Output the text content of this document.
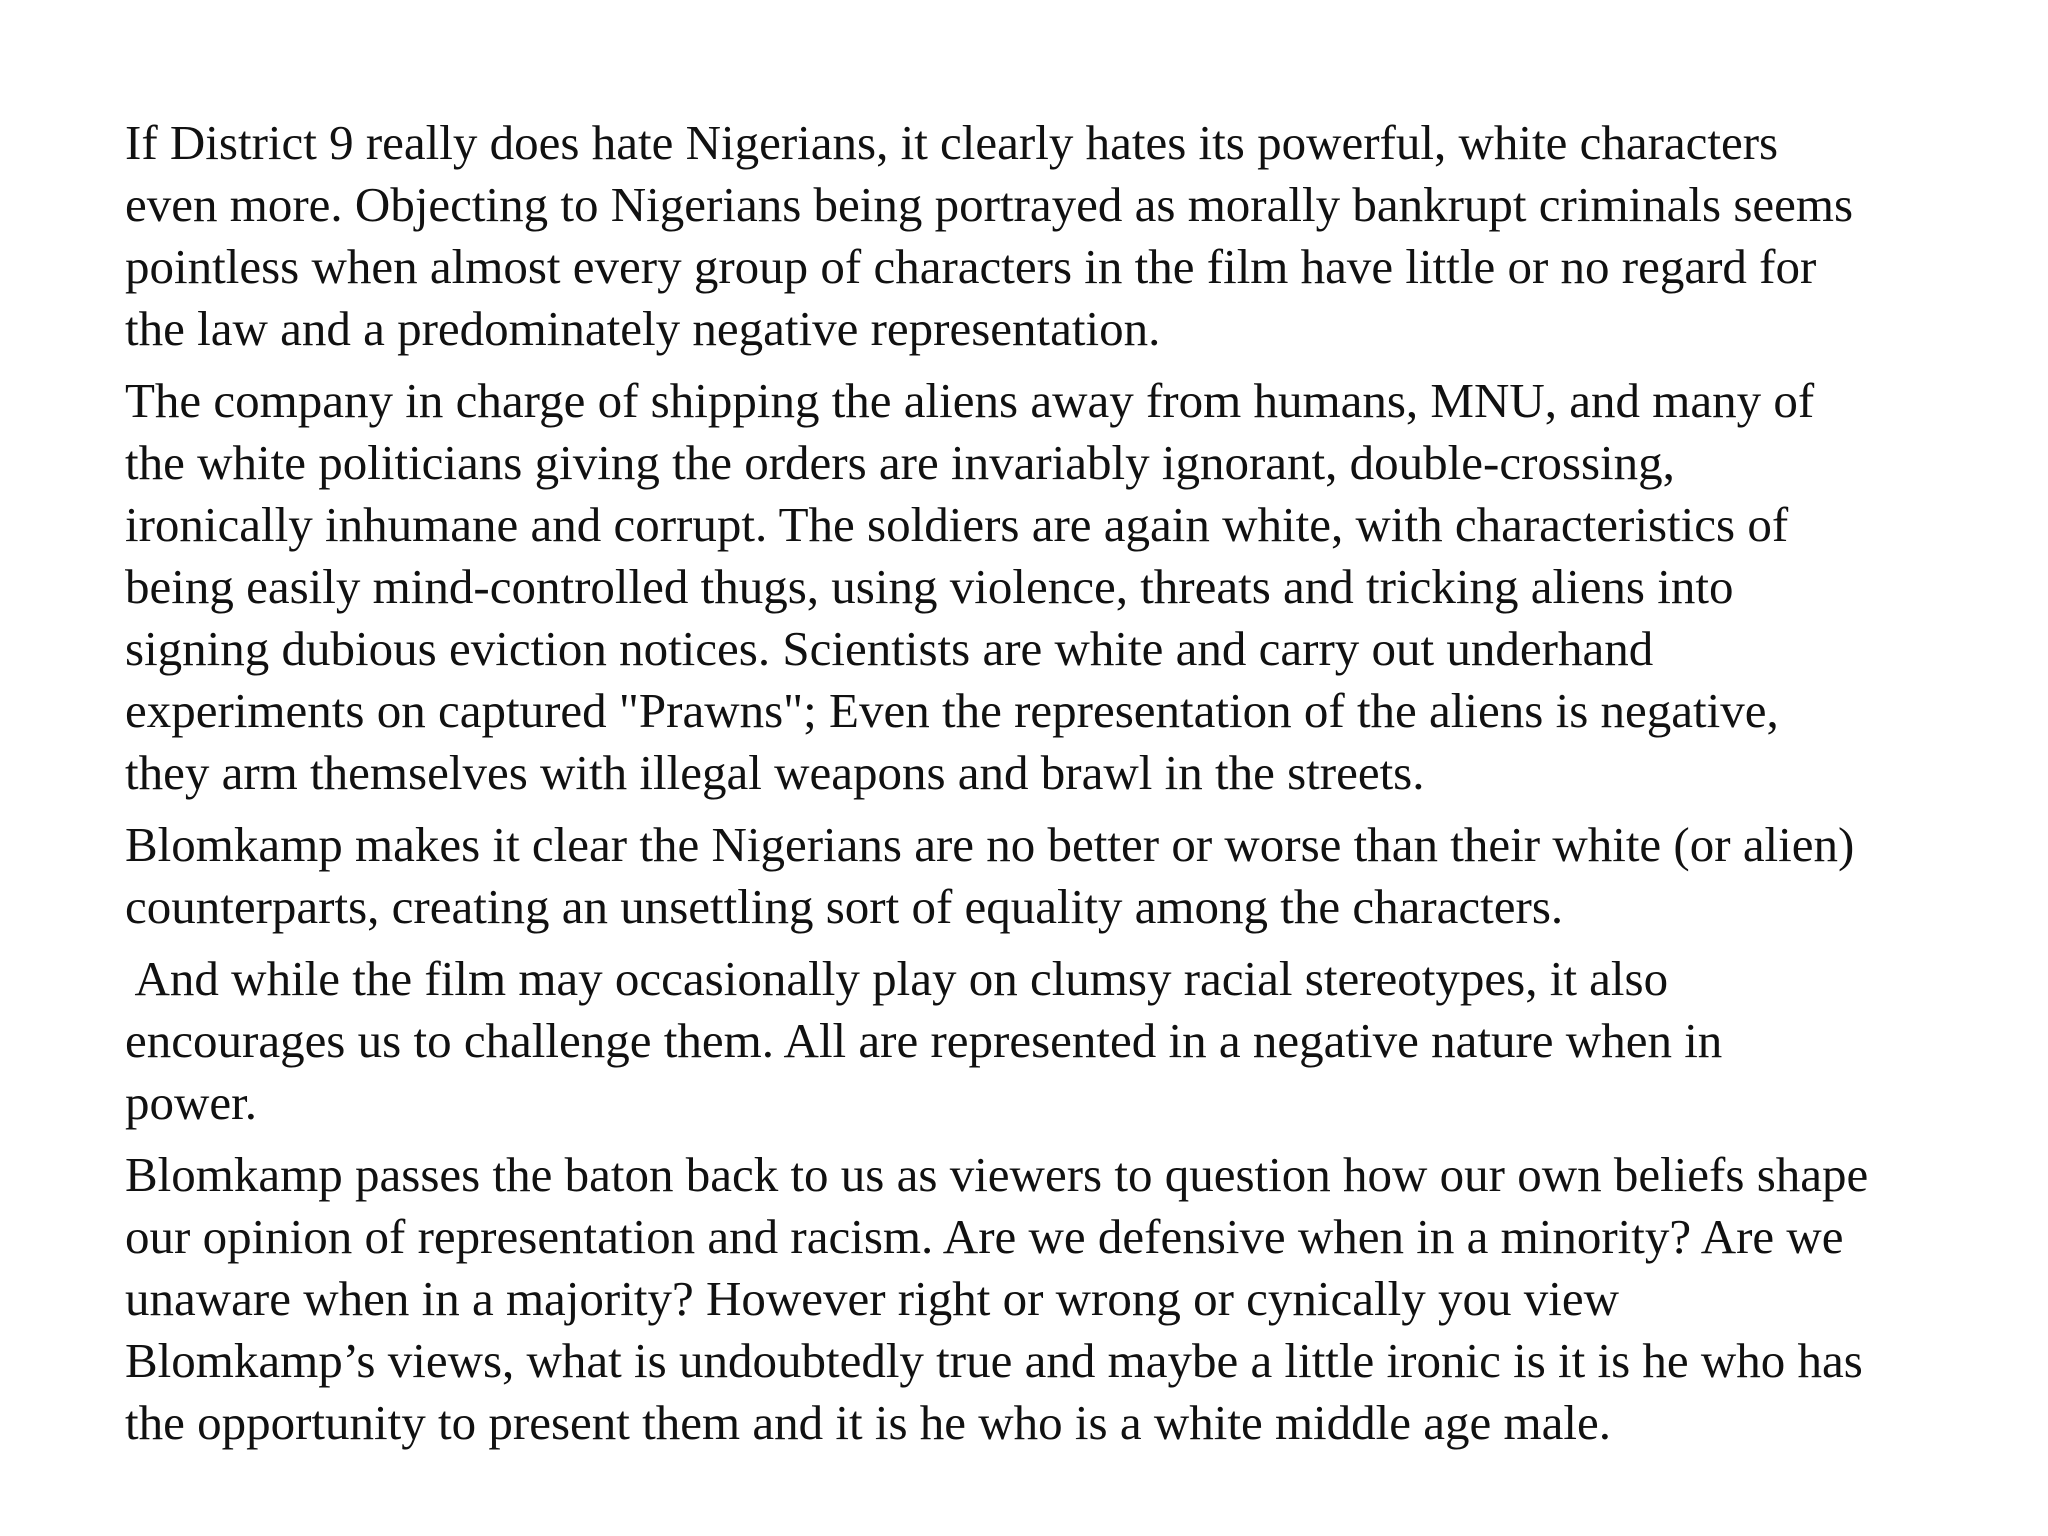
If District 9 really does hate Nigerians, it clearly hates its powerful, white characters
even more. Objecting to Nigerians being portrayed as morally bankrupt criminals seems
pointless when almost every group of characters in the film have little or no regard for
the law and a predominately negative representation.

The company in charge of shipping the aliens away from humans, MNU, and many of
the white politicians giving the orders are invariably ignorant, double-crossing,
ironically inhumane and corrupt. The soldiers are again white, with characteristics of
being easily mind-controlled thugs, using violence, threats and tricking aliens into
signing dubious eviction notices. Scientists are white and carry out underhand
experiments on captured "Prawns"; Even the representation of the aliens is negative,
they arm themselves with illegal weapons and brawl in the streets.

Blomkamp makes it clear the Nigerians are no better or worse than their white (or alien)
counterparts, creating an unsettling sort of equality among the characters.

And while the film may occasionally play on clumsy racial stereotypes, it also
encourages us to challenge them. All are represented in a negative nature when in
power.

Blomkamp passes the baton back to us as viewers to question how our own beliefs shape
our opinion of representation and racism. Are we defensive when in a minority? Are we
unaware when in a majority? However right or wrong or cynically you view
Blomkamp’s views, what is undoubtedly true and maybe a little ironic is it is he who has
the opportunity to present them and it is he who is a white middle age male.
